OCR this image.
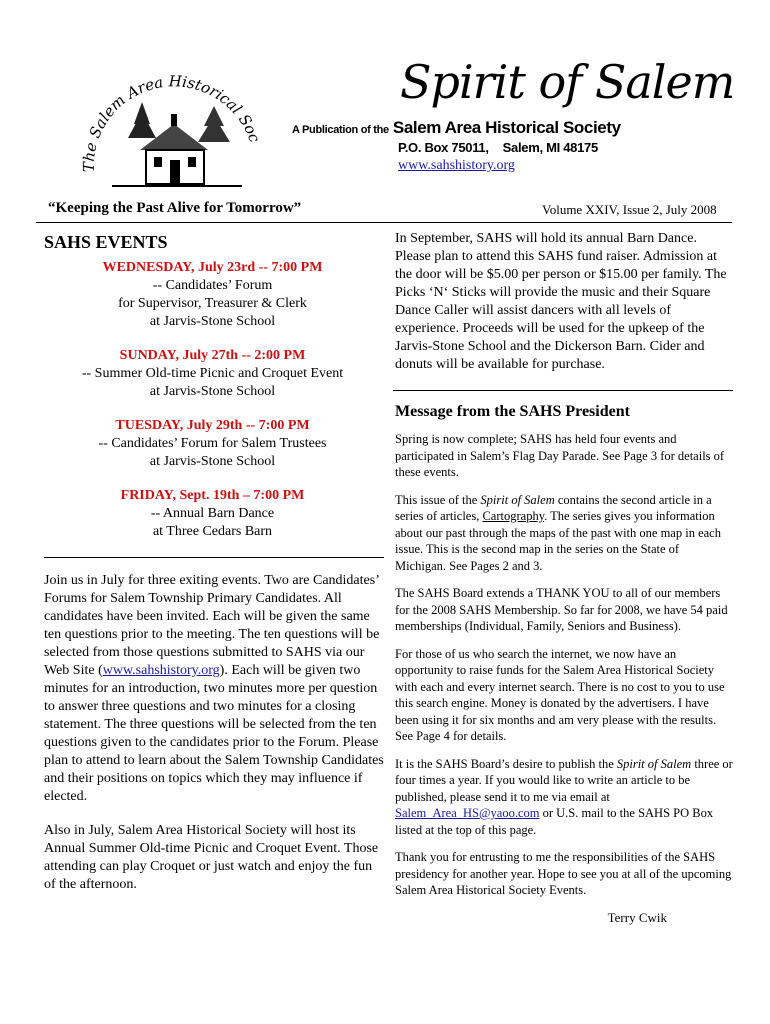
The Salem Area Historical Soc
Spirit of Salem
A Publication of the Salem Area Historical Society
P.O. Box 75011, Salem, MI 48175
www.sahshistory.org
“Keeping the Past Alive for Tomorrow”	Volume XXIV, Issue 2, July 2008
SAHS EVENTS
WEDNESDAY, July 23rd -- 7:00 PM
-- Candidates’ Forum
for Supervisor, Treasurer & Clerk
at Jarvis-Stone School
SUNDAY, July 27th -- 2:00 PM
-- Summer Old-time Picnic and Croquet Event
at Jarvis-Stone School
TUESDAY, July 29th -- 7:00 PM
-- Candidates’ Forum for Salem Trustees
at Jarvis-Stone School
FRIDAY, Sept. 19th – 7:00 PM
-- Annual Barn Dance
at Three Cedars Barn

Join us in July for three exiting events. Two are Candidates’ Forums for Salem Township Primary Candidates. All candidates have been invited. Each will be given the same ten questions prior to the meeting. The ten questions will be selected from those questions submitted to SAHS via our Web Site (www.sahshistory.org). Each will be given two minutes for an introduction, two minutes more per question to answer three questions and two minutes for a closing statement. The three questions will be selected from the ten questions given to the candidates prior to the Forum. Please plan to attend to learn about the Salem Township Candidates and their positions on topics which they may influence if elected.

Also in July, Salem Area Historical Society will host its Annual Summer Old-time Picnic and Croquet Event. Those attending can play Croquet or just watch and enjoy the fun of the afternoon.

In September, SAHS will hold its annual Barn Dance. Please plan to attend this SAHS fund raiser. Admission at the door will be $5.00 per person or $15.00 per family. The Picks ‘N‘ Sticks will provide the music and their Square Dance Caller will assist dancers with all levels of experience. Proceeds will be used for the upkeep of the Jarvis-Stone School and the Dickerson Barn. Cider and donuts will be available for purchase.
Message from the SAHS President

Spring is now complete; SAHS has held four events and participated in Salem’s Flag Day Parade. See Page 3 for details of these events.

This issue of the Spirit of Salem contains the second article in a series of articles, Cartography. The series gives you information about our past through the maps of the past with one map in each issue. This is the second map in the series on the State of Michigan. See Pages 2 and 3.

The SAHS Board extends a THANK YOU to all of our members for the 2008 SAHS Membership. So far for 2008, we have 54 paid memberships (Individual, Family, Seniors and Business).

For those of us who search the internet, we now have an opportunity to raise funds for the Salem Area Historical Society with each and every internet search. There is no cost to you to use this search engine. Money is donated by the advertisers. I have been using it for six months and am very please with the results. See Page 4 for details.

It is the SAHS Board’s desire to publish the Spirit of Salem three or four times a year. If you would like to write an article to be published, please send it to me via email at Salem_Area_HS@yaoo.com or U.S. mail to the SAHS PO Box listed at the top of this page.

Thank you for entrusting to me the responsibilities of the SAHS presidency for another year. Hope to see you at all of the upcoming Salem Area Historical Society Events.

Terry Cwik
